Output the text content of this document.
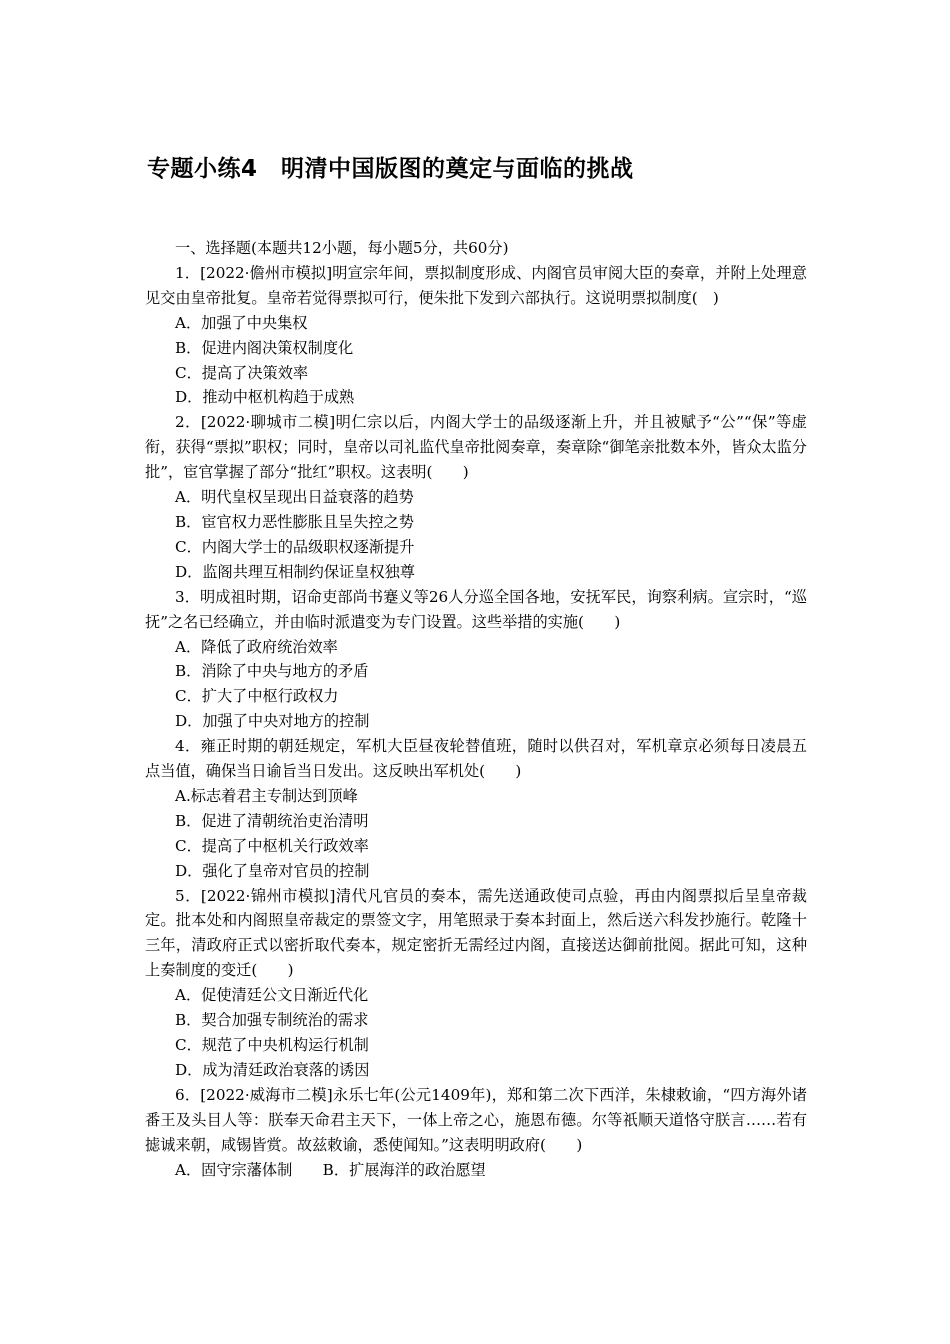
专题小练4　明清中国版图的奠定与面临的挑战
一、选择题(本题共12小题，每小题5分，共60分)
1．[2022·儋州市模拟]明宣宗年间，票拟制度形成、内阁官员审阅大臣的奏章，并附上处理意见交由皇帝批复。皇帝若觉得票拟可行，便朱批下发到六部执行。这说明票拟制度(　)
A．加强了中央集权
B．促进内阁决策权制度化
C．提高了决策效率
D．推动中枢机构趋于成熟
2．[2022·聊城市二模]明仁宗以后，内阁大学士的品级逐渐上升，并且被赋予“公”“保”等虚衔，获得“票拟”职权；同时，皇帝以司礼监代皇帝批阅奏章，奏章除“御笔亲批数本外，皆众太监分批”，宦官掌握了部分“批红”职权。这表明(　　)
A．明代皇权呈现出日益衰落的趋势
B．宦官权力恶性膨胀且呈失控之势
C．内阁大学士的品级职权逐渐提升
D．监阁共理互相制约保证皇权独尊
3．明成祖时期，诏命吏部尚书蹇义等26人分巡全国各地，安抚军民，询察利病。宣宗时，“巡抚”之名已经确立，并由临时派遣变为专门设置。这些举措的实施(　　)
A．降低了政府统治效率
B．消除了中央与地方的矛盾
C．扩大了中枢行政权力
D．加强了中央对地方的控制
4．雍正时期的朝廷规定，军机大臣昼夜轮替值班，随时以供召对，军机章京必须每日凌晨五点当值，确保当日谕旨当日发出。这反映出军机处(　　)
A.标志着君主专制达到顶峰
B．促进了清朝统治吏治清明
C．提高了中枢机关行政效率
D．强化了皇帝对官员的控制
5．[2022·锦州市模拟]清代凡官员的奏本，需先送通政使司点验，再由内阁票拟后呈皇帝裁定。批本处和内阁照皇帝裁定的票签文字，用笔照录于奏本封面上，然后送六科发抄施行。乾隆十三年，清政府正式以密折取代奏本，规定密折无需经过内阁，直接送达御前批阅。据此可知，这种上奏制度的变迁(　　)
A．促使清廷公文日渐近代化
B．契合加强专制统治的需求
C．规范了中央机构运行机制
D．成为清廷政治衰落的诱因
6．[2022·威海市二模]永乐七年(公元1409年)，郑和第二次下西洋，朱棣敕谕，“四方海外诸番王及头目人等：朕奉天命君主天下，一体上帝之心，施恩布德。尔等祇顺天道恪守朕言……若有摅诚来朝，咸锡皆赏。故兹敕谕，悉使闻知。”这表明明政府(　　)
A．固守宗藩体制　　B．扩展海洋的政治愿望
